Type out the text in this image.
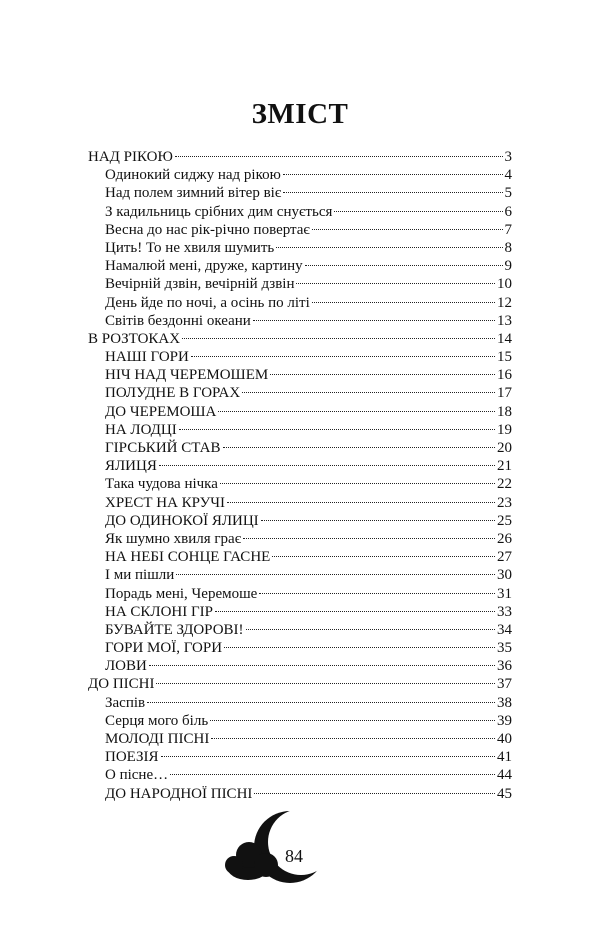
ЗМІСТ
НАД РІКОЮ	3
Одинокий сиджу над рікою	4
Над полем зимний вітер віє	5
З кадильниць срібних дим снується	6
Весна до нас рік-річно повертає	7
Цить! То не хвиля шумить	8
Намалюй мені, друже, картину	9
Вечірній дзвін, вечірній дзвін	10
День йде по ночі, а осінь по літі	12
Світів бездонні океани	13
В РОЗТОКАХ	14
НАШІ ГОРИ	15
НІЧ НАД ЧЕРЕМОШЕМ	16
ПОЛУДНЕ В ГОРАХ	17
ДО ЧЕРЕМОША	18
НА ЛОДЦІ	19
ГІРСЬКИЙ СТАВ	20
ЯЛИЦЯ	21
Така чудова нічка	22
ХРЕСТ НА КРУЧІ	23
ДО ОДИНОКОЇ ЯЛИЦІ	25
Як шумно хвиля грає	26
НА НЕБІ СОНЦЕ ГАСНЕ	27
І ми пішли	30
Порадь мені, Черемоше	31
НА СКЛОНІ ГІР	33
БУВАЙТЕ ЗДОРОВІ!	34
ГОРИ МОЇ, ГОРИ	35
ЛОВИ	36
ДО ПІСНІ	37
Заспів	38
Серця мого біль	39
МОЛОДІ ПІСНІ	40
ПОЕЗІЯ	41
О пісне…	44
ДО НАРОДНОЇ ПІСНІ	45
84
